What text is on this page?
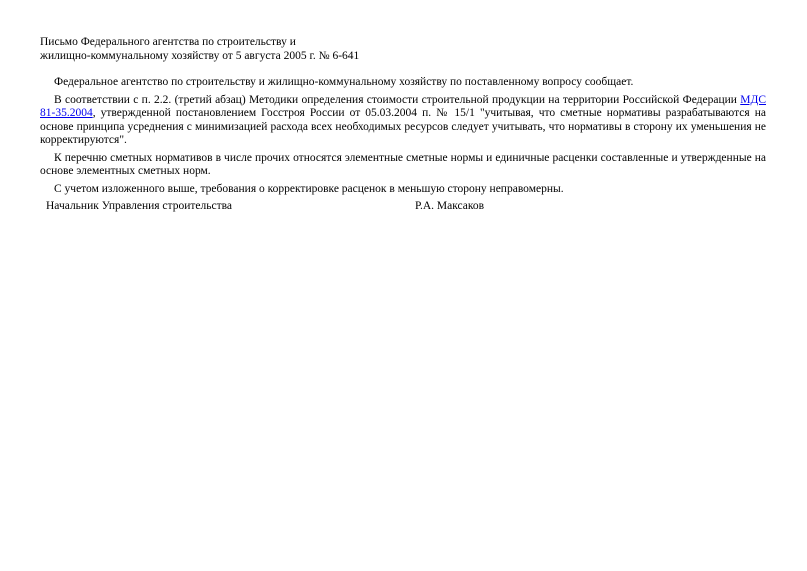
Письмо Федерального агентства по строительству и
жилищно-коммунальному хозяйству от 5 августа 2005 г. № 6-641

Федеральное агентство по строительству и жилищно-коммунальному хозяйству по поставленному вопросу сообщает.

В соответствии с п. 2.2. (третий абзац) Методики определения стоимости строительной продукции на территории Российской Федерации МДС 81-35.2004, утвержденной постановлением Госстроя России от 05.03.2004 п. № 15/1 "учитывая, что сметные нормативы разрабатываются на основе принципа усреднения с минимизацией расхода всех необходимых ресурсов следует учитывать, что нормативы в сторону их уменьшения не корректируются".

К перечню сметных нормативов в числе прочих относятся элементные сметные нормы и единичные расценки составленные и утвержденные на основе элементных сметных норм.

С учетом изложенного выше, требования о корректировке расценок в меньшую сторону неправомерны.

Начальник Управления строительства	Р.А. Максаков
